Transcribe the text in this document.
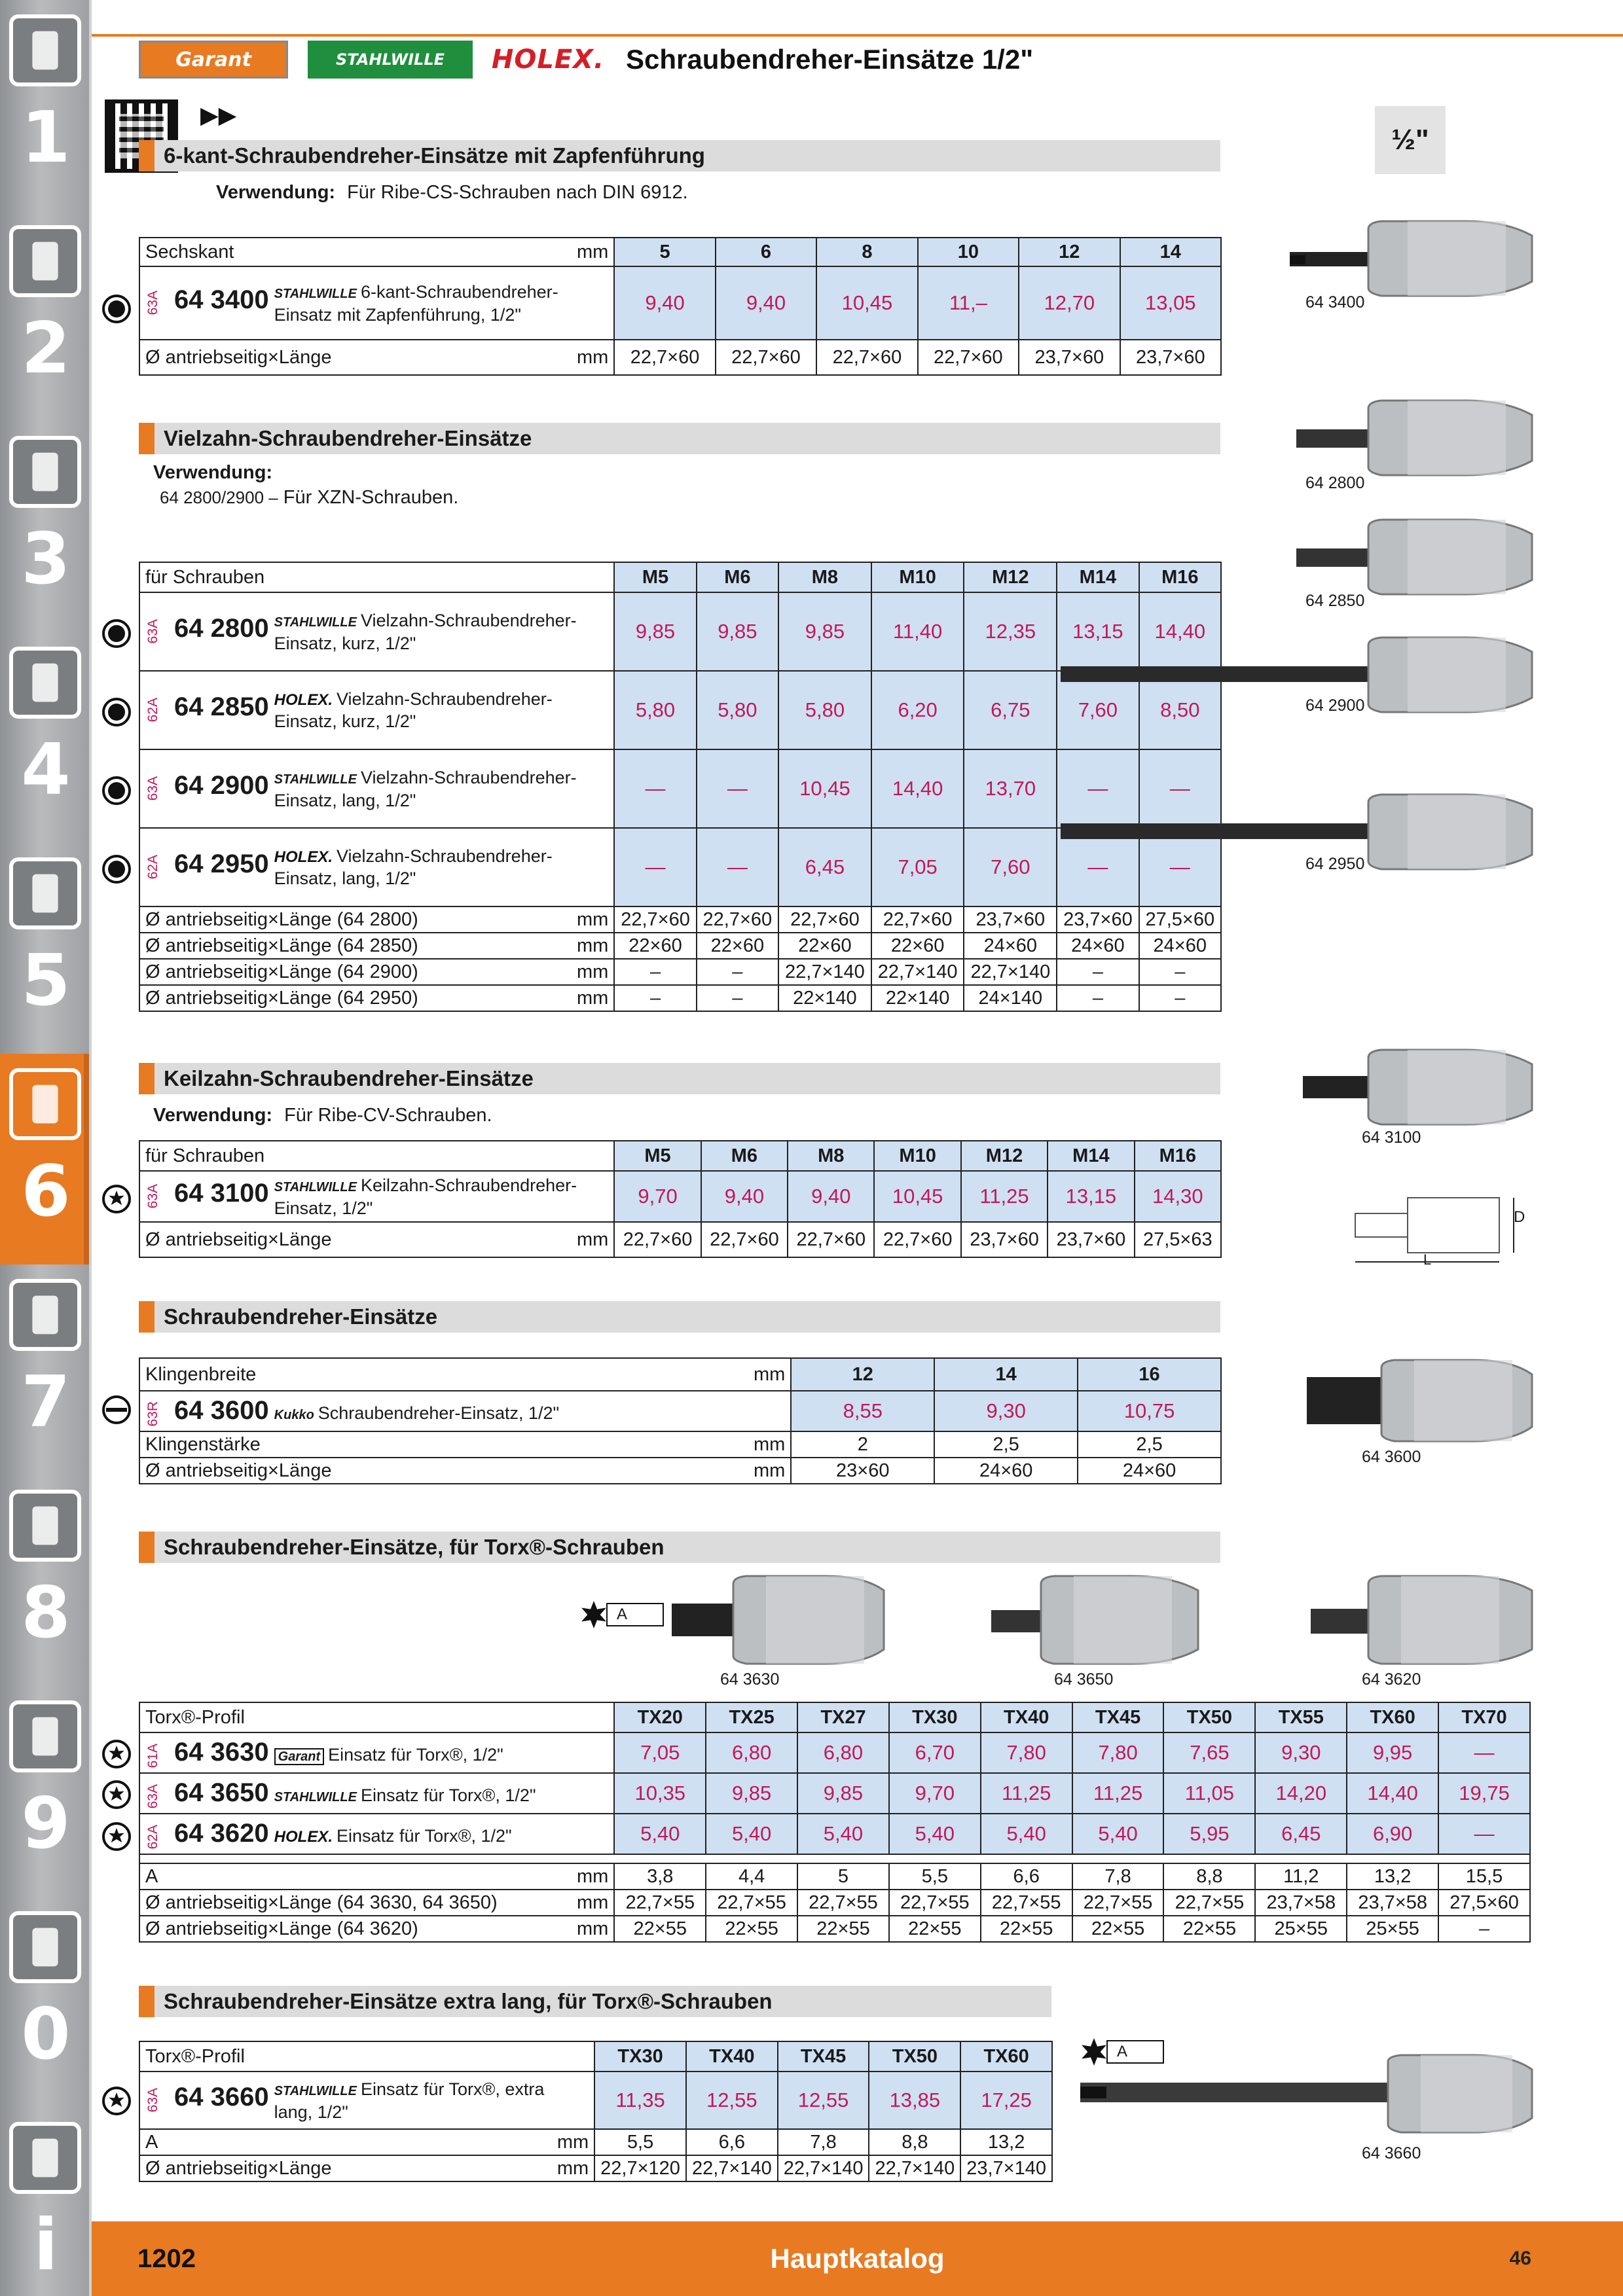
1
2
3
4
5
6
7
8
9
0
i
Garant	STAHLWILLE	HOLEX. Schraubendreher-Einsätze 1/2"
▶▶
½"
6-kant-Schraubendreher-Einsätze mit Zapfenführung
Verwendung: Für Ribe-CS-Schrauben nach DIN 6912.
Sechskant	mm	5	6	8	10	12	14
63A 64 3400 STAHLWILLE 6-kant-Schraubendreher-Einsatz mit Zapfenführung, 1/2"		9,40	9,40	10,45	11,–	12,70	13,05
Ø antriebseitig×Länge	mm	22,7×60	22,7×60	22,7×60	22,7×60	23,7×60	23,7×60
Vielzahn-Schraubendreher-Einsätze
Verwendung:
64 2800/2900 – Für XZN-Schrauben.
für Schrauben		M5	M6	M8	M10	M12	M14	M16
63A 64 2800 STAHLWILLE Vielzahn-Schraubendreher-Einsatz, kurz, 1/2"		9,85	9,85	9,85	11,40	12,35	13,15	14,40
62A 64 2850 HOLEX. Vielzahn-Schraubendreher-Einsatz, kurz, 1/2"		5,80	5,80	5,80	6,20	6,75	7,60	8,50
63A 64 2900 STAHLWILLE Vielzahn-Schraubendreher-Einsatz, lang, 1/2"		—	—	10,45	14,40	13,70	—	—
62A 64 2950 HOLEX. Vielzahn-Schraubendreher-Einsatz, lang, 1/2"		—	—	6,45	7,05	7,60	—	—
Ø antriebseitig×Länge (64 2800)	mm	22,7×60	22,7×60	22,7×60	22,7×60	23,7×60	23,7×60	27,5×60
Ø antriebseitig×Länge (64 2850)	mm	22×60	22×60	22×60	22×60	24×60	24×60	24×60
Ø antriebseitig×Länge (64 2900)	mm	–	–	22,7×140	22,7×140	22,7×140	–	–
Ø antriebseitig×Länge (64 2950)	mm	–	–	22×140	22×140	24×140	–	–
Keilzahn-Schraubendreher-Einsätze
Verwendung: Für Ribe-CV-Schrauben.
für Schrauben		M5	M6	M8	M10	M12	M14	M16
63A 64 3100 STAHLWILLE Keilzahn-Schraubendreher-Einsatz, 1/2"		9,70	9,40	9,40	10,45	11,25	13,15	14,30
Ø antriebseitig×Länge	mm	22,7×60	22,7×60	22,7×60	22,7×60	23,7×60	23,7×60	27,5×63
Schraubendreher-Einsätze
Klingenbreite	mm	12	14	16
63R 64 3600 Kukko Schraubendreher-Einsatz, 1/2"		8,55	9,30	10,75
Klingenstärke	mm	2	2,5	2,5
Ø antriebseitig×Länge	mm	23×60	24×60	24×60
Schraubendreher-Einsätze, für Torx®-Schrauben
A
Torx®-Profil		TX20	TX25	TX27	TX30	TX40	TX45	TX50	TX55	TX60	TX70
61A 64 3630 Garant Einsatz für Torx®, 1/2"		7,05	6,80	6,80	6,70	7,80	7,80	7,65	9,30	9,95	—
63A 64 3650 STAHLWILLE Einsatz für Torx®, 1/2"		10,35	9,85	9,85	9,70	11,25	11,25	11,05	14,20	14,40	19,75
62A 64 3620 HOLEX. Einsatz für Torx®, 1/2"		5,40	5,40	5,40	5,40	5,40	5,40	5,95	6,45	6,90	—

A	mm	3,8	4,4	5	5,5	6,6	7,8	8,8	11,2	13,2	15,5
Ø antriebseitig×Länge (64 3630, 64 3650)	mm	22,7×55	22,7×55	22,7×55	22,7×55	22,7×55	22,7×55	22,7×55	23,7×58	23,7×58	27,5×60
Ø antriebseitig×Länge (64 3620)	mm	22×55	22×55	22×55	22×55	22×55	22×55	22×55	25×55	25×55	–
Schraubendreher-Einsätze extra lang, für Torx®-Schrauben
A
Torx®-Profil		TX30	TX40	TX45	TX50	TX60
63A 64 3660 STAHLWILLE Einsatz für Torx®, extra lang, 1/2"		11,35	12,55	12,55	13,85	17,25
A	mm	5,5	6,6	7,8	8,8	13,2
Ø antriebseitig×Länge	mm	22,7×120	22,7×140	22,7×140	22,7×140	23,7×140
64 3400
64 2800
64 2850
64 2900
64 2950
64 3100
D
L
64 3600
64 3630	64 3650	64 3620
64 3660
1202	Hauptkatalog	46
